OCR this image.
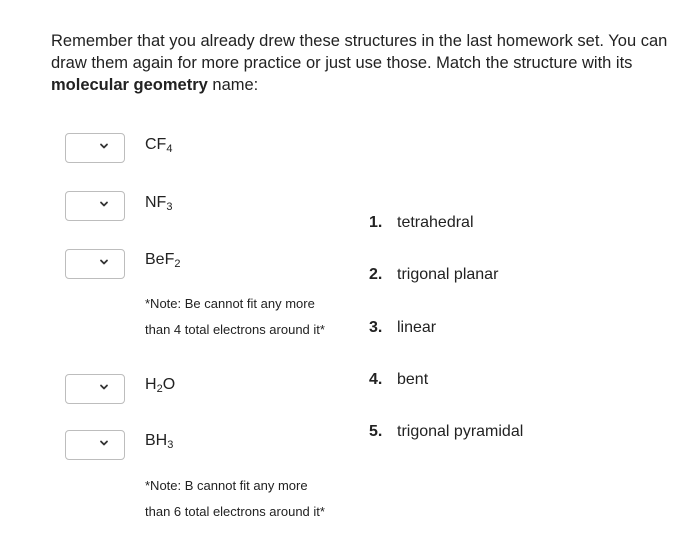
Remember that you already drew these structures in the last homework set. You can draw them again for more practice or just use those. Match the structure with its molecular geometry name:
$CF_4$
$NF_3$
BeF$_2$
$H_2O$
$BH_3$
*Note: Be cannot fit any more
than 4 total electrons around it*
*Note: B cannot fit any more
than 6 total electrons around it*
1. tetrahedral
2. trigonal planar
3. linear
4. bent
5. trigonal pyramidal
